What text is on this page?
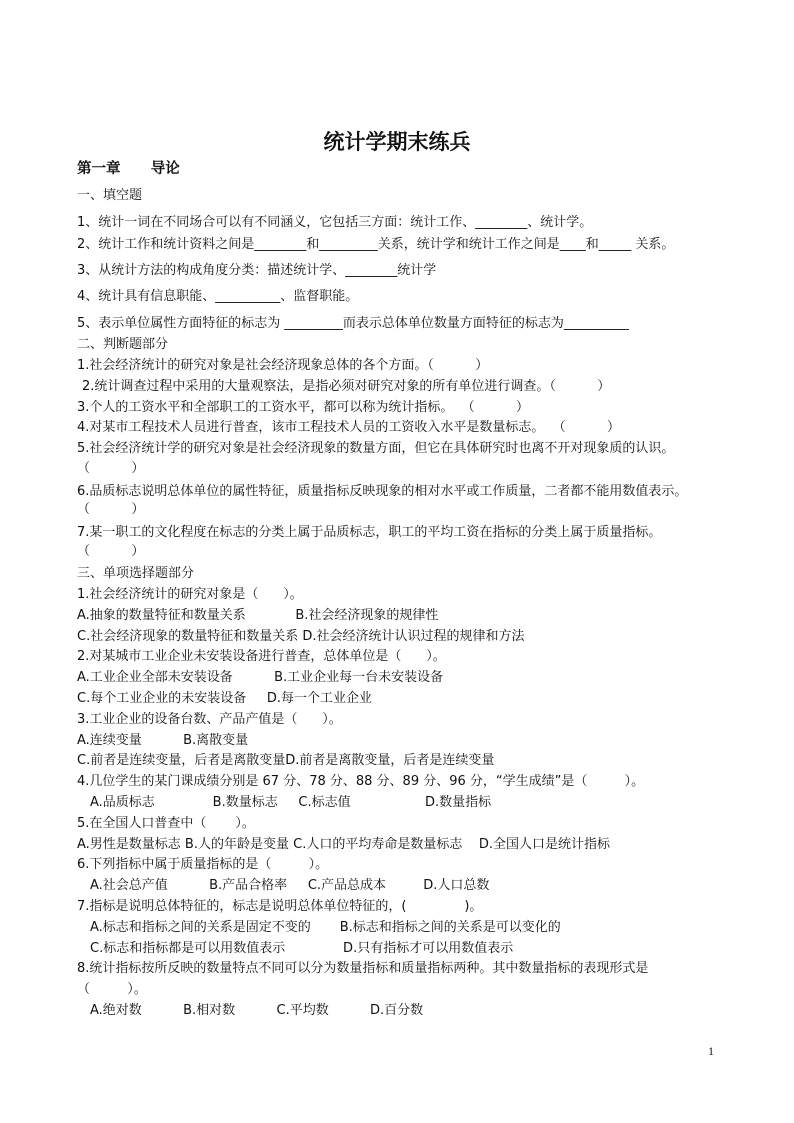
统计学期末练兵
第一章      导论
一、填空题
1、统计一词在不同场合可以有不同涵义，它包括三方面：统计工作、________、统计学。
2、统计工作和统计资料之间是________和_________关系，统计学和统计工作之间是____和_____ 关系。
3、从统计方法的构成角度分类：描述统计学、________统计学
4、统计具有信息职能、__________、监督职能。
5、表示单位属性方面特征的标志为 _________而表示总体单位数量方面特征的标志为__________
二、判断题部分
1.社会经济统计的研究对象是社会经济现象总体的各个方面。（          ）
2.统计调查过程中采用的大量观察法，是指必须对研究对象的所有单位进行调查。（          ）
3.个人的工资水平和全部职工的工资水平，都可以称为统计指标。  （          ）
4.对某市工程技术人员进行普查，该市工程技术人员的工资收入水平是数量标志。  （          ）
5.社会经济统计学的研究对象是社会经济现象的数量方面，但它在具体研究时也离不开对现象质的认识。
（          ）
6.品质标志说明总体单位的属性特征，质量指标反映现象的相对水平或工作质量，二者都不能用数值表示。
（          ）
7.某一职工的文化程度在标志的分类上属于品质标志，职工的平均工资在指标的分类上属于质量指标。
（          ）
三、单项选择题部分
1.社会经济统计的研究对象是（      ）。
A.抽象的数量特征和数量关系            B.社会经济现象的规律性
C.社会经济现象的数量特征和数量关系 D.社会经济统计认识过程的规律和方法
2.对某城市工业企业未安装设备进行普查，总体单位是（      ）。
A.工业企业全部未安装设备          B.工业企业每一台未安装设备
C.每个工业企业的未安装设备     D.每一个工业企业
3.工业企业的设备台数、产品产值是（      ）。
A.连续变量          B.离散变量
C.前者是连续变量，后者是离散变量D.前者是离散变量，后者是连续变量
4.几位学生的某门课成绩分别是 67 分、78 分、88 分、89 分、96 分，“学生成绩”是（         ）。
A.品质标志              B.数量标志     C.标志值                  D.数量指标
5.在全国人口普查中（       ）。
A.男性是数量标志 B.人的年龄是变量 C.人口的平均寿命是数量标志    D.全国人口是统计指标
6.下列指标中属于质量指标的是（         ）。
A.社会总产值          B.产品合格率     C.产品总成本         D.人口总数
7.指标是说明总体特征的，标志是说明总体单位特征的，(              )。
A.标志和指标之间的关系是固定不变的       B.标志和指标之间的关系是可以变化的
C.标志和指标都是可以用数值表示              D.只有指标才可以用数值表示
8.统计指标按所反映的数量特点不同可以分为数量指标和质量指标两种。其中数量指标的表现形式是
（         ）。
A.绝对数          B.相对数          C.平均数          D.百分数
1
